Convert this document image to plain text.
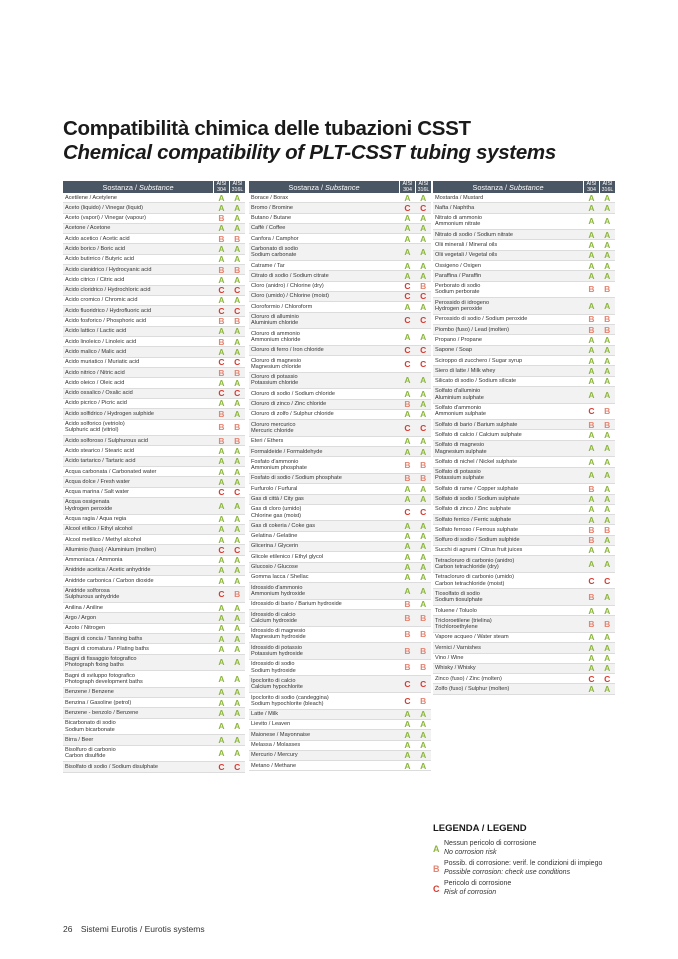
Compatibilità chimica delle tubazioni CSST
Chemical compatibility of PLT-CSST tubing systems
Sostanza / Substance	AISI 304	AISI 316L
Acetilene / Acetylene	A	A
Aceto (liquido) / Vinegar (liquid)	A	A
Aceto (vapori) / Vinegar (vapour)	B	A
Acetone / Acetone	A	A
Acido acetico / Acetic acid	B	B
Acido borico / Boric acid	A	A
Acido butirrico / Butyric acid	A	A
Acido cianidrico / Hydrocyanic acid	B	B
Acido citrico / Citric acid	A	A
Acido cloridrico / Hydrochloric acid	C	C
Acido cromico / Chromic acid	A	A
Acido fluoridrico / Hydrofluoric acid	C	C
Acido fosforico / Phosphoric acid	B	B
Acido lattico / Lactic acid	A	A
Acido linoleico / Linoleic acid	B	A
Acido malico / Malic acid	A	A
Acido muriatico / Muriatic acid	C	C
Acido nitrico / Nitric acid	B	B
Acido oleico / Oleic acid	A	A
Acido ossalico / Oxalic acid	C	C
Acido picrico / Picric acid	A	A
Acido solfidrico / Hydrogen sulphide	B	A
Acido solforico (vetriolo)
Sulphuric acid (vitriol)	B	B
Acido solforoso / Sulphurous acid	B	B
Acido stearico / Stearic acid	A	A
Acido tartarico / Tartaric acid	A	A
Acqua carbonata / Carbonated water	A	A
Acqua dolce / Fresh water	A	A
Acqua marina / Salt water	C	C
Acqua ossigenata
Hydrogen peroxide	A	A
Acqua ragia / Aqua regia	A	A
Alcool etilico / Ethyl alcohol	A	A
Alcool metilico / Methyl alcohol	A	A
Alluminio (fuso) / Aluminium (molten)	C	C
Ammoniaca / Ammonia	A	A
Anidride acetica / Acetic anhydride	A	A
Anidride carbonica / Carbon dioxide	A	A
Anidride solforosa
Sulphurous anhydride	C	B
Anilina / Aniline	A	A
Argo / Argon	A	A
Azoto / Nitrogen	A	A
Bagni di concia / Tanning baths	A	A
Bagni di cromatura / Plating baths	A	A
Bagni di fissaggio fotografico
Photograph fixing baths	A	A
Bagni di sviluppo fotografico
Photograph development baths	A	A
Benzene / Benzene	A	A
Benzina / Gasoline (petrol)	A	A
Benzene - benzolo / Benzene	A	A
Bicarbonato di sodio
Sodium bicarbonate	A	A
Birra / Beer	A	A
Bisolfuro di carbonio
Carbon disulfide	A	A
Bisolfato di sodio / Sodium disulphate	C	C
Sostanza / Substance	AISI 304	AISI 316L
Borace / Borax	A	A
Bromo / Bromine	C	C
Butano / Butane	A	A
Caffè / Coffee	A	A
Canfora / Camphor	A	A
Carbonato di sodio
Sodium carbonate	A	A
Catrame / Tar	A	A
Citrato di sodio / Sodium citrate	A	A
Cloro (anidro) / Chlorine (dry)	C	B
Cloro (umido) / Chlorine (moist)	C	C
Cloroformio / Chloroform	A	A
Cloruro di alluminio
Aluminium chloride	C	C
Cloruro di ammonio
Ammonium chloride	A	A
Cloruro di ferro / Iron chloride	C	C
Cloruro di magnesio
Magnesium chloride	C	C
Cloruro di potassio
Potassium chloride	A	A
Cloruro di sodio / Sodium chloride	A	A
Cloruro di zinco / Zinc chloride	B	A
Cloruro di zolfo / Sulphur chloride	A	A
Cloruro mercurico
Mercuric chloride	C	C
Eteri / Ethers	A	A
Formaldeide / Formaldehyde	A	A
Fosfato d'ammonio
Ammonium phosphate	B	B
Fosfato di sodio / Sodium phosphate	B	B
Furfurolo / Furfural	A	A
Gas di città / City gas	A	A
Gas di cloro (umido)
Chlorine gas (moist)	C	C
Gas di cokeria / Coke gas	A	A
Gelatina / Gelatine	A	A
Glicerina / Glycerin	A	A
Glicole etilenico / Ethyl glycol	A	A
Glucosio / Glucose	A	A
Gomma lacca / Shellac	A	A
Idrossido d'ammonio
Ammonium hydroxide	A	A
Idrossido di bario / Barium hydroxide	B	A
Idrossido di calcio
Calcium hydroxide	B	B
Idrossido di magnesio
Magnesium hydroxide	B	B
Idrossido di potassio
Potassium hydroxide	B	B
Idrossido di sodio
Sodium hydroxide	B	B
Ipoclorito di calcio
Calcium hypochlorite	C	C
Ipoclorito di sodio (candeggina)
Sodium hypochlorite (bleach)	C	B
Latte / Milk	A	A
Lievito / Leaven	A	A
Maionese / Mayonnaise	A	A
Melassa / Molasses	A	A
Mercurio / Mercury	A	A
Metano / Methane	A	A
Sostanza / Substance	AISI 304	AISI 316L
Mostarda / Mustard	A	A
Nafta / Naphtha	A	A
Nitrato di ammonio
Ammonium nitrate	A	A
Nitrato di sodio / Sodium nitrate	A	A
Olii minerali / Mineral oils	A	A
Olii vegetali / Vegetal oils	A	A
Ossigeno / Oxigen	A	A
Paraffina / Paraffin	A	A
Perborato di sodio
Sodium perborate	B	B
Perossido di idrogeno
Hydrogen peroxide	A	A
Perossido di sodio / Sodium peroxide	B	B
Piombo (fuso) / Lead (molten)	B	B
Propano / Propane	A	A
Sapone / Soap	A	A
Sciroppo di zucchero / Sugar syrup	A	A
Siero di latte / Milk whey	A	A
Silicato di sodio / Sodium silicate	A	A
Solfato d'alluminio
Aluminium sulphate	A	A
Solfato d'ammonio
Ammonium sulphate	C	B
Solfato di bario / Barium sulphate	B	B
Solfato di calcio / Calcium sulphate	A	A
Solfato di magnesio
Magnesium sulphate	A	A
Solfato di nichel / Nickel sulphate	A	A
Solfato di potassio
Potassium sulphate	A	A
Solfato di rame / Copper sulphate	B	A
Solfato di sodio / Sodium sulphate	A	A
Solfato di zinco / Zinc sulphate	A	A
Solfato ferrico / Ferric sulphate	A	A
Solfato ferroso / Ferrous sulphate	B	B
Solfuro di sodio / Sodium sulphide	B	A
Succhi di agrumi / Citrus fruit juices	A	A
Tetracloruro di carbonio (anidro)
Carbon tetrachloride (dry)	A	A
Tetracloruro di carbonio (umido)
Carbon tetrachloride (moist)	C	C
Tiosolfato di sodio
Sodium tiosulphate	B	A
Toluene / Toluolo	A	A
Tricloroetilene (trielina)
Trichloroethylene	B	B
Vapore acqueo / Water steam	A	A
Vernici / Varnishes	A	A
Vino / Wine	A	A
Whisky / Whisky	A	A
Zinco (fuso) / Zinc (molten)	C	C
Zolfo (fuso) / Sulphur (molten)	A	A
LEGENDA / LEGEND
A
Nessun pericolo di corrosione
No corrosion risk
B
Possib. di corrosione: verif. le condizioni di impiego
Possible corrosion: check use conditions
C
Pericolo di corrosione
Risk of corrosion
26 Sistemi Eurotis / Eurotis systems
